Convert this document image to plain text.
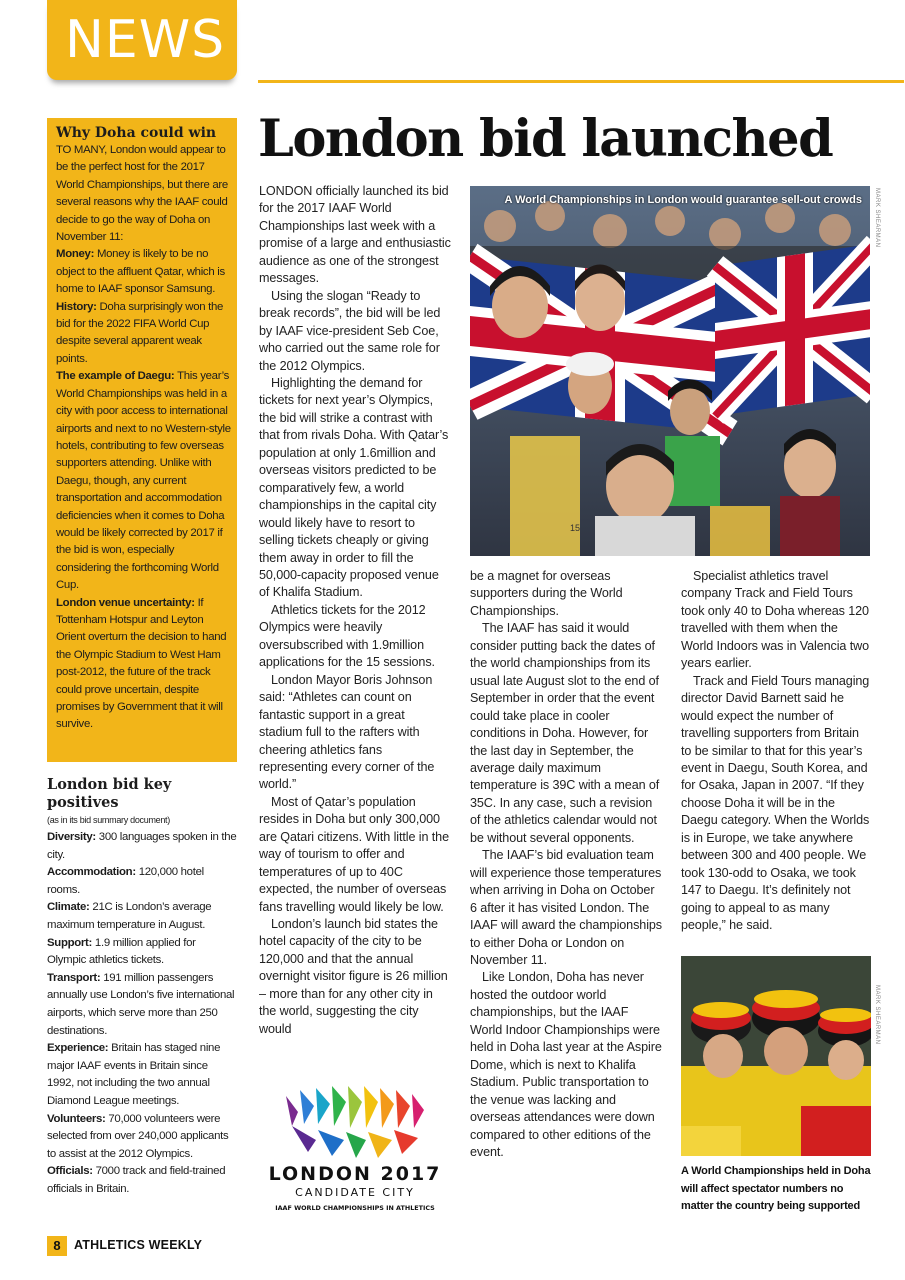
NEWS
Why Doha could win

TO MANY, London would appear to be the perfect host for the 2017 World Championships, but there are several reasons why the IAAF could decide to go the way of Doha on November 11:

Money: Money is likely to be no object to the affluent Qatar, which is home to IAAF sponsor Samsung.

History: Doha surprisingly won the bid for the 2022 FIFA World Cup despite several apparent weak points.

The example of Daegu: This year’s World Championships was held in a city with poor access to international airports and next to no Western-style hotels, contributing to few overseas supporters attending. Unlike with Daegu, though, any current transportation and accommodation deficiencies when it comes to Doha would be likely corrected by 2017 if the bid is won, especially considering the forthcoming World Cup.

London venue uncertainty: If Tottenham Hotspur and Leyton Orient overturn the decision to hand the Olympic Stadium to West Ham post-2012, the future of the track could prove uncertain, despite promises by Government that it will survive.

London bid key positives

(as in its bid summary document)

Diversity: 300 languages spoken in the city.

Accommodation: 120,000 hotel rooms.

Climate: 21C is London’s average maximum temperature in August.

Support: 1.9 million applied for Olympic athletics tickets.

Transport: 191 million passengers annually use London’s five international airports, which serve more than 250 destinations.

Experience: Britain has staged nine major IAAF events in Britain since 1992, not including the two annual Diamond League meetings.

Volunteers: 70,000 volunteers were selected from over 240,000 applicants to assist at the 2012 Olympics.

Officials: 7000 track and field-trained officials in Britain.

London bid launched

LONDON officially launched its bid for the 2017 IAAF World Championships last week with a promise of a large and enthusiastic audience as one of the strongest messages.

Using the slogan “Ready to break records”, the bid will be led by IAAF vice-president Seb Coe, who carried out the same role for the 2012 Olympics.

Highlighting the demand for tickets for next year’s Olympics, the bid will strike a contrast with that from rivals Doha. With Qatar’s population at only 1.6million and overseas visitors predicted to be comparatively few, a world championships in the capital city would likely have to resort to selling tickets cheaply or giving them away in order to fill the 50,000-capacity proposed venue of Khalifa Stadium.

Athletics tickets for the 2012 Olympics were heavily oversubscribed with 1.9million applications for the 15 sessions.

London Mayor Boris Johnson said: “Athletes can count on fantastic support in a great stadium full to the rafters with cheering athletics fans representing every corner of the world.”

Most of Qatar’s population resides in Doha but only 300,000 are Qatari citizens. With little in the way of tourism to offer and temperatures of up to 40C expected, the number of overseas fans travelling would likely be low.

London’s launch bid states the hotel capacity of the city to be 120,000 and that the annual overnight visitor figure is 26 million – more than for any other city in the world, suggesting the city would

15
A World Championships in London would guarantee sell-out crowds MARK SHEARMAN

be a magnet for overseas supporters during the World Championships.

The IAAF has said it would consider putting back the dates of the world championships from its usual late August slot to the end of September in order that the event could take place in cooler conditions in Doha. However, for the last day in September, the average daily maximum temperature is 39C with a mean of 35C. In any case, such a revision of the athletics calendar would not be without several opponents.

The IAAF’s bid evaluation team will experience those temperatures when arriving in Doha on October 6 after it has visited London. The IAAF will award the championships to either Doha or London on November 11.

Like London, Doha has never hosted the outdoor world championships, but the IAAF World Indoor Championships were held in Doha last year at the Aspire Dome, which is next to Khalifa Stadium. Public transportation to the venue was lacking and overseas attendances were down compared to other editions of the event.

Specialist athletics travel company Track and Field Tours took only 40 to Doha whereas 120 travelled with them when the World Indoors was in Valencia two years earlier.

Track and Field Tours managing director David Barnett said he would expect the number of travelling supporters from Britain to be similar to that for this year’s event in Daegu, South Korea, and for Osaka, Japan in 2007. “If they choose Doha it will be in the Daegu category. When the Worlds is in Europe, we take anywhere between 300 and 400 people. We took 130-odd to Osaka, we took 147 to Daegu. It’s definitely not going to appeal to as many people,” he said.

MARK SHEARMAN
A World Championships held in Doha will affect spectator numbers no matter the country being supported
LONDON 2017
CANDIDATE CITY
IAAF WORLD CHAMPIONSHIPS IN ATHLETICS
8	ATHLETICS WEEKLY
